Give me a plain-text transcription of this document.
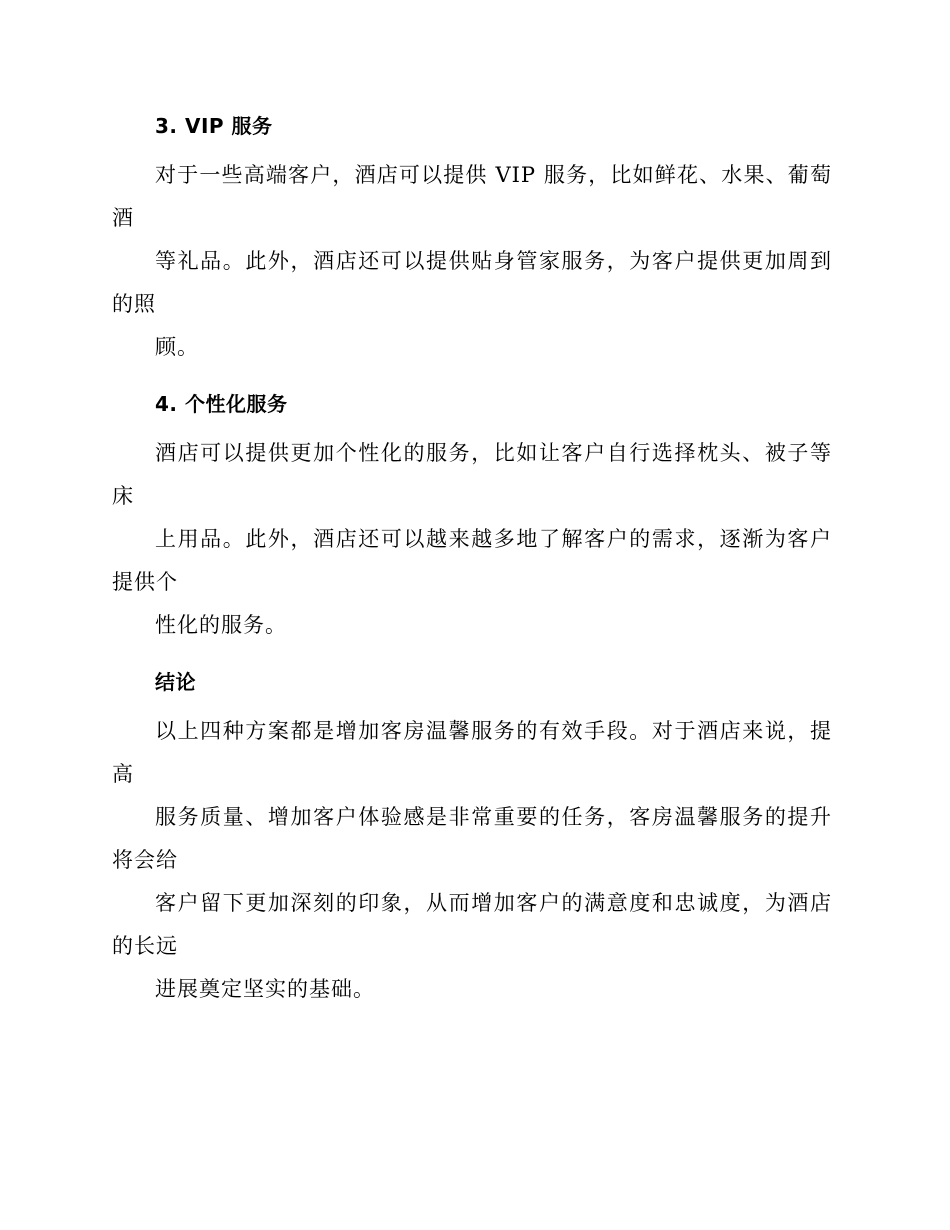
3. VIP 服务

对于一些高端客户，酒店可以提供 VIP 服务，比如鲜花、水果、葡萄酒
等礼品。此外，酒店还可以提供贴身管家服务，为客户提供更加周到的照
顾。

4. 个性化服务

酒店可以提供更加个性化的服务，比如让客户自行选择枕头、被子等床
上用品。此外，酒店还可以越来越多地了解客户的需求，逐渐为客户提供个
性化的服务。

结论

以上四种方案都是增加客房温馨服务的有效手段。对于酒店来说，提高
服务质量、增加客户体验感是非常重要的任务，客房温馨服务的提升将会给
客户留下更加深刻的印象，从而增加客户的满意度和忠诚度，为酒店的长远
进展奠定坚实的基础。
